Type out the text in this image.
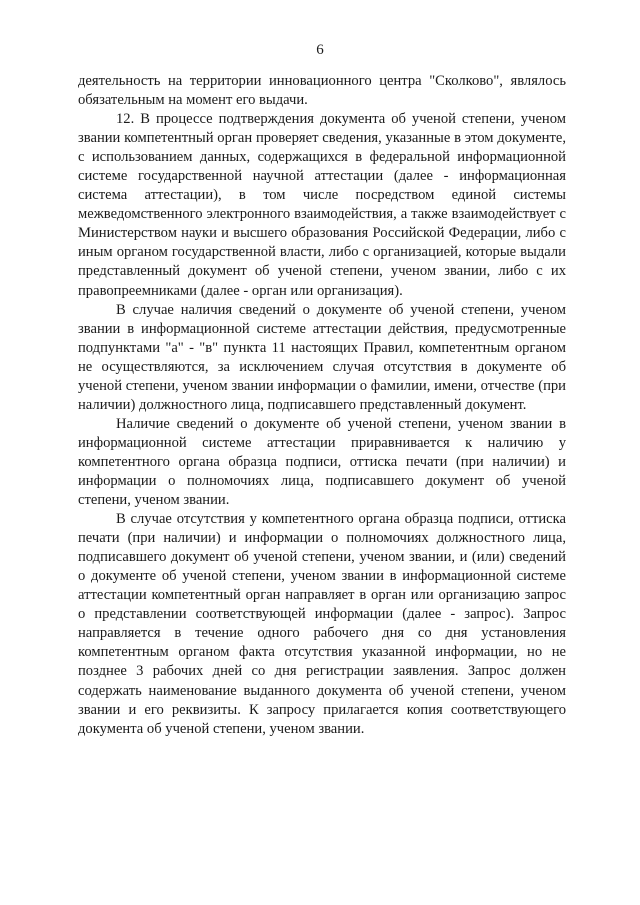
6

деятельность на территории инновационного центра "Сколково", являлось обязательным на момент его выдачи.

12. В процессе подтверждения документа об ученой степени, ученом звании компетентный орган проверяет сведения, указанные в этом документе, с использованием данных, содержащихся в федеральной информационной системе государственной научной аттестации (далее - информационная система аттестации), в том числе посредством единой системы межведомственного электронного взаимодействия, а также взаимодействует с Министерством науки и высшего образования Российской Федерации, либо с иным органом государственной власти, либо с организацией, которые выдали представленный документ об ученой степени, ученом звании, либо с их правопреемниками (далее - орган или организация).

В случае наличия сведений о документе об ученой степени, ученом звании в информационной системе аттестации действия, предусмотренные подпунктами "а" - "в" пункта 11 настоящих Правил, компетентным органом не осуществляются, за исключением случая отсутствия в документе об ученой степени, ученом звании информации о фамилии, имени, отчестве (при наличии) должностного лица, подписавшего представленный документ.

Наличие сведений о документе об ученой степени, ученом звании в информационной системе аттестации приравнивается к наличию у компетентного органа образца подписи, оттиска печати (при наличии) и информации о полномочиях лица, подписавшего документ об ученой степени, ученом звании.

В случае отсутствия у компетентного органа образца подписи, оттиска печати (при наличии) и информации о полномочиях должностного лица, подписавшего документ об ученой степени, ученом звании, и (или) сведений о документе об ученой степени, ученом звании в информационной системе аттестации компетентный орган направляет в орган или организацию запрос о представлении соответствующей информации (далее - запрос). Запрос направляется в течение одного рабочего дня со дня установления компетентным органом факта отсутствия указанной информации, но не позднее 3 рабочих дней со дня регистрации заявления. Запрос должен содержать наименование выданного документа об ученой степени, ученом звании и его реквизиты. К запросу прилагается копия соответствующего документа об ученой степени, ученом звании.
